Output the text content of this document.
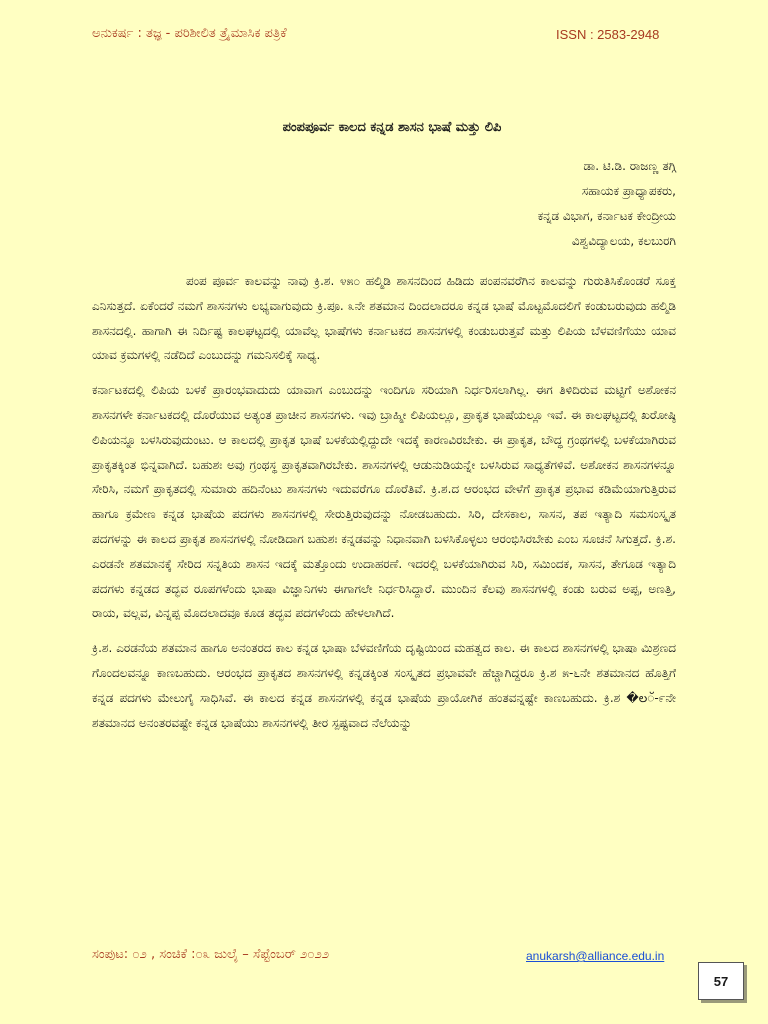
ಅನುಕರ್ಷ : ತಜ್ಞ - ಪರಿಶೀಲಿತ ತ್ರೈಮಾಸಿಕ ಪತ್ರಿಕೆ	ISSN : 2583-2948
ಪಂಪಪೂರ್ವ ಕಾಲದ ಕನ್ನಡ ಶಾಸನ ಭಾಷೆ ಮತ್ತು ಲಿಪಿ
ಡಾ. ಟಿ.ಡಿ. ರಾಜಣ್ಣ ತಗ್ಗಿ
ಸಹಾಯಕ ಪ್ರಾಧ್ಯಾಪಕರು,
ಕನ್ನಡ ವಿಭಾಗ, ಕರ್ನಾಟಕ ಕೇಂದ್ರೀಯ
ವಿಶ್ವವಿದ್ಯಾಲಯ, ಕಲಬುರಗಿ

ಪಂಪ ಪೂರ್ವ ಕಾಲವನ್ನು ನಾವು ಕ್ರಿ.ಶ. ೪೫೦ ಹಲ್ಮಿಡಿ ಶಾಸನದಿಂದ ಹಿಡಿದು ಪಂಪನವರೆಗಿನ ಕಾಲವನ್ನು ಗುರುತಿಸಿಕೊಂಡರೆ ಸೂಕ್ತ ಎನಿಸುತ್ತದೆ. ಏಕೆಂದರೆ ನಮಗೆ ಶಾಸನಗಳು ಲಭ್ಯವಾಗುವುದು ಕ್ರಿ.ಪೂ. ೩ನೇ ಶತಮಾನ ದಿಂದಲಾದರೂ ಕನ್ನಡ ಭಾಷೆ ಮೊಟ್ಟಮೊದಲಿಗೆ ಕಂಡುಬರುವುದು ಹಲ್ಮಿಡಿ ಶಾಸನದಲ್ಲಿ. ಹಾಗಾಗಿ ಈ ನಿರ್ದಿಷ್ಟ ಕಾಲಘಟ್ಟದಲ್ಲಿ ಯಾವೆಲ್ಲ ಭಾಷೆಗಳು ಕರ್ನಾಟಕದ ಶಾಸನಗಳಲ್ಲಿ ಕಂಡುಬರುತ್ತವೆ ಮತ್ತು ಲಿಪಿಯ ಬೆಳವಣಿಗೆಯು ಯಾವ ಯಾವ ಕ್ರಮಗಳಲ್ಲಿ ನಡೆದಿದೆ ಎಂಬುದನ್ನು ಗಮನಿಸಲಿಕ್ಕೆ ಸಾಧ್ಯ.

ಕರ್ನಾಟಕದಲ್ಲಿ ಲಿಪಿಯ ಬಳಕೆ ಪ್ರಾರಂಭವಾದುದು ಯಾವಾಗ ಎಂಬುದನ್ನು ಇಂದಿಗೂ ಸರಿಯಾಗಿ ನಿರ್ಧರಿಸಲಾಗಿಲ್ಲ. ಈಗ ತಿಳಿದಿರುವ ಮಟ್ಟಿಗೆ ಅಶೋಕನ ಶಾಸನಗಳೇ ಕರ್ನಾಟಕದಲ್ಲಿ ದೊರೆಯುವ ಅತ್ಯಂತ ಪ್ರಾಚೀನ ಶಾಸನಗಳು. ಇವು ಬ್ರಾಹ್ಮೀ ಲಿಪಿಯಲ್ಲೂ, ಪ್ರಾಕೃತ ಭಾಷೆಯಲ್ಲೂ ಇವೆ. ಈ ಕಾಲಘಟ್ಟದಲ್ಲಿ ಖರೋಷ್ಠಿ ಲಿಪಿಯನ್ನೂ ಬಳಸಿರುವುದುಂಟು. ಆ ಕಾಲದಲ್ಲಿ ಪ್ರಾಕೃತ ಭಾಷೆ ಬಳಕೆಯಲ್ಲಿದ್ದುದೇ ಇದಕ್ಕೆ ಕಾರಣವಿರಬೇಕು. ಈ ಪ್ರಾಕೃತ, ಬೌದ್ಧ ಗ್ರಂಥಗಳಲ್ಲಿ ಬಳಕೆಯಾಗಿರುವ ಪ್ರಾಕೃತಕ್ಕಿಂತ ಭಿನ್ನವಾಗಿದೆ. ಬಹುಶಃ ಅವು ಗ್ರಂಥಸ್ಥ ಪ್ರಾಕೃತವಾಗಿರಬೇಕು. ಶಾಸನಗಳಲ್ಲಿ ಆಡುನುಡಿಯನ್ನೇ ಬಳಸಿರುವ ಸಾಧ್ಯತೆಗಳಿವೆ. ಅಶೋಕನ ಶಾಸನಗಳನ್ನೂ ಸೇರಿಸಿ, ನಮಗೆ ಪ್ರಾಕೃತದಲ್ಲಿ ಸುಮಾರು ಹದಿನೆಂಟು ಶಾಸನಗಳು ಇದುವರೆಗೂ ದೊರೆತಿವೆ. ಕ್ರಿ.ಶ.ದ ಆರಂಭದ ವೇಳೆಗೆ ಪ್ರಾಕೃತ ಪ್ರಭಾವ ಕಡಿಮೆಯಾಗುತ್ತಿರುವ ಹಾಗೂ ಕ್ರಮೇಣ ಕನ್ನಡ ಭಾಷೆಯ ಪದಗಳು ಶಾಸನಗಳಲ್ಲಿ ಸೇರುತ್ತಿರುವುದನ್ನು ನೋಡಬಹುದು. ಸಿರಿ, ದೇಸಕಾಲ, ಸಾಸನ, ತಪ ಇತ್ಯಾದಿ ಸಮಸಂಸ್ಕೃತ ಪದಗಳನ್ನು ಈ ಕಾಲದ ಪ್ರಾಕೃತ ಶಾಸನಗಳಲ್ಲಿ ನೋಡಿದಾಗ ಬಹುಶಃ ಕನ್ನಡವನ್ನು ನಿಧಾನವಾಗಿ ಬಳಸಿಕೊಳ್ಳಲು ಆರಂಭಿಸಿರಬೇಕು ಎಂಬ ಸೂಚನೆ ಸಿಗುತ್ತದೆ. ಕ್ರಿ.ಶ. ಎರಡನೇ ಶತಮಾನಕ್ಕೆ ಸೇರಿದ ಸನ್ನತಿಯ ಶಾಸನ ಇದಕ್ಕೆ ಮತ್ತೊಂದು ಉದಾಹರಣೆ. ಇದರಲ್ಲಿ ಬಳಕೆಯಾಗಿರುವ ಸಿರಿ, ಸಮಿಂದಕ, ಸಾಸನ, ತೇಗೂಡ ಇತ್ಯಾದಿ ಪದಗಳು ಕನ್ನಡದ ತದ್ಭವ ರೂಪಗಳೆಂದು ಭಾಷಾ ವಿಜ್ಞಾನಿಗಳು ಈಗಾಗಲೇ ನಿರ್ಧರಿಸಿದ್ದಾರೆ. ಮುಂದಿನ ಕೆಲವು ಶಾಸನಗಳಲ್ಲಿ ಕಂಡು ಬರುವ ಅಪ್ಪ, ಅಣತ್ತಿ, ರಾಯ, ವಲ್ಲವ, ವಿನ್ನಪ್ಪ ಮೊದಲಾದವೂ ಕೂಡ ತದ್ಭವ ಪದಗಳೆಂದು ಹೇಳಲಾಗಿದೆ.

ಕ್ರಿ.ಶ. ಎರಡನೆಯ ಶತಮಾನ ಹಾಗೂ ಅನಂತರದ ಕಾಲ ಕನ್ನಡ ಭಾಷಾ ಬೆಳವಣಿಗೆಯ ದೃಷ್ಟಿಯಿಂದ ಮಹತ್ವದ ಕಾಲ. ಈ ಕಾಲದ ಶಾಸನಗಳಲ್ಲಿ ಭಾಷಾ ಮಿಶ್ರಣದ ಗೊಂದಲವನ್ನೂ ಕಾಣಬಹುದು. ಆರಂಭದ ಪ್ರಾಕೃತದ ಶಾಸನಗಳಲ್ಲಿ ಕನ್ನಡಕ್ಕಿಂತ ಸಂಸ್ಕೃತದ ಪ್ರಭಾವವೇ ಹೆಚ್ಚಾಗಿದ್ದರೂ ಕ್ರಿ.ಶ ೫-೬ನೇ ಶತಮಾನದ ಹೊತ್ತಿಗೆ ಕನ್ನಡ ಪದಗಳು ಮೇಲುಗೈ ಸಾಧಿಸಿವೆ. ಈ ಕಾಲದ ಕನ್ನಡ ಶಾಸನಗಳಲ್ಲಿ ಕನ್ನಡ ಭಾಷೆಯ ಪ್ರಾಯೋಗಿಕ ಹಂತವನ್ನಷ್ಟೇ ಕಾಣಬಹುದು. ಕ್ರಿ.ಶ �లॅ-೯ನೇ ಶತಮಾನದ ಅನಂತರವಷ್ಟೇ ಕನ್ನಡ ಭಾಷೆಯು ಶಾಸನಗಳಲ್ಲಿ ತೀರ ಸ್ಪಷ್ಟವಾದ ನೆಲೆಯನ್ನು

ಸಂಪುಟ: ೦೨ , ಸಂಚಿಕೆ :೦೩ ಜುಲೈ – ಸೆಪ್ಟೆಂಬರ್ ೨೦೨೨	anukarsh@alliance.edu.in
57
